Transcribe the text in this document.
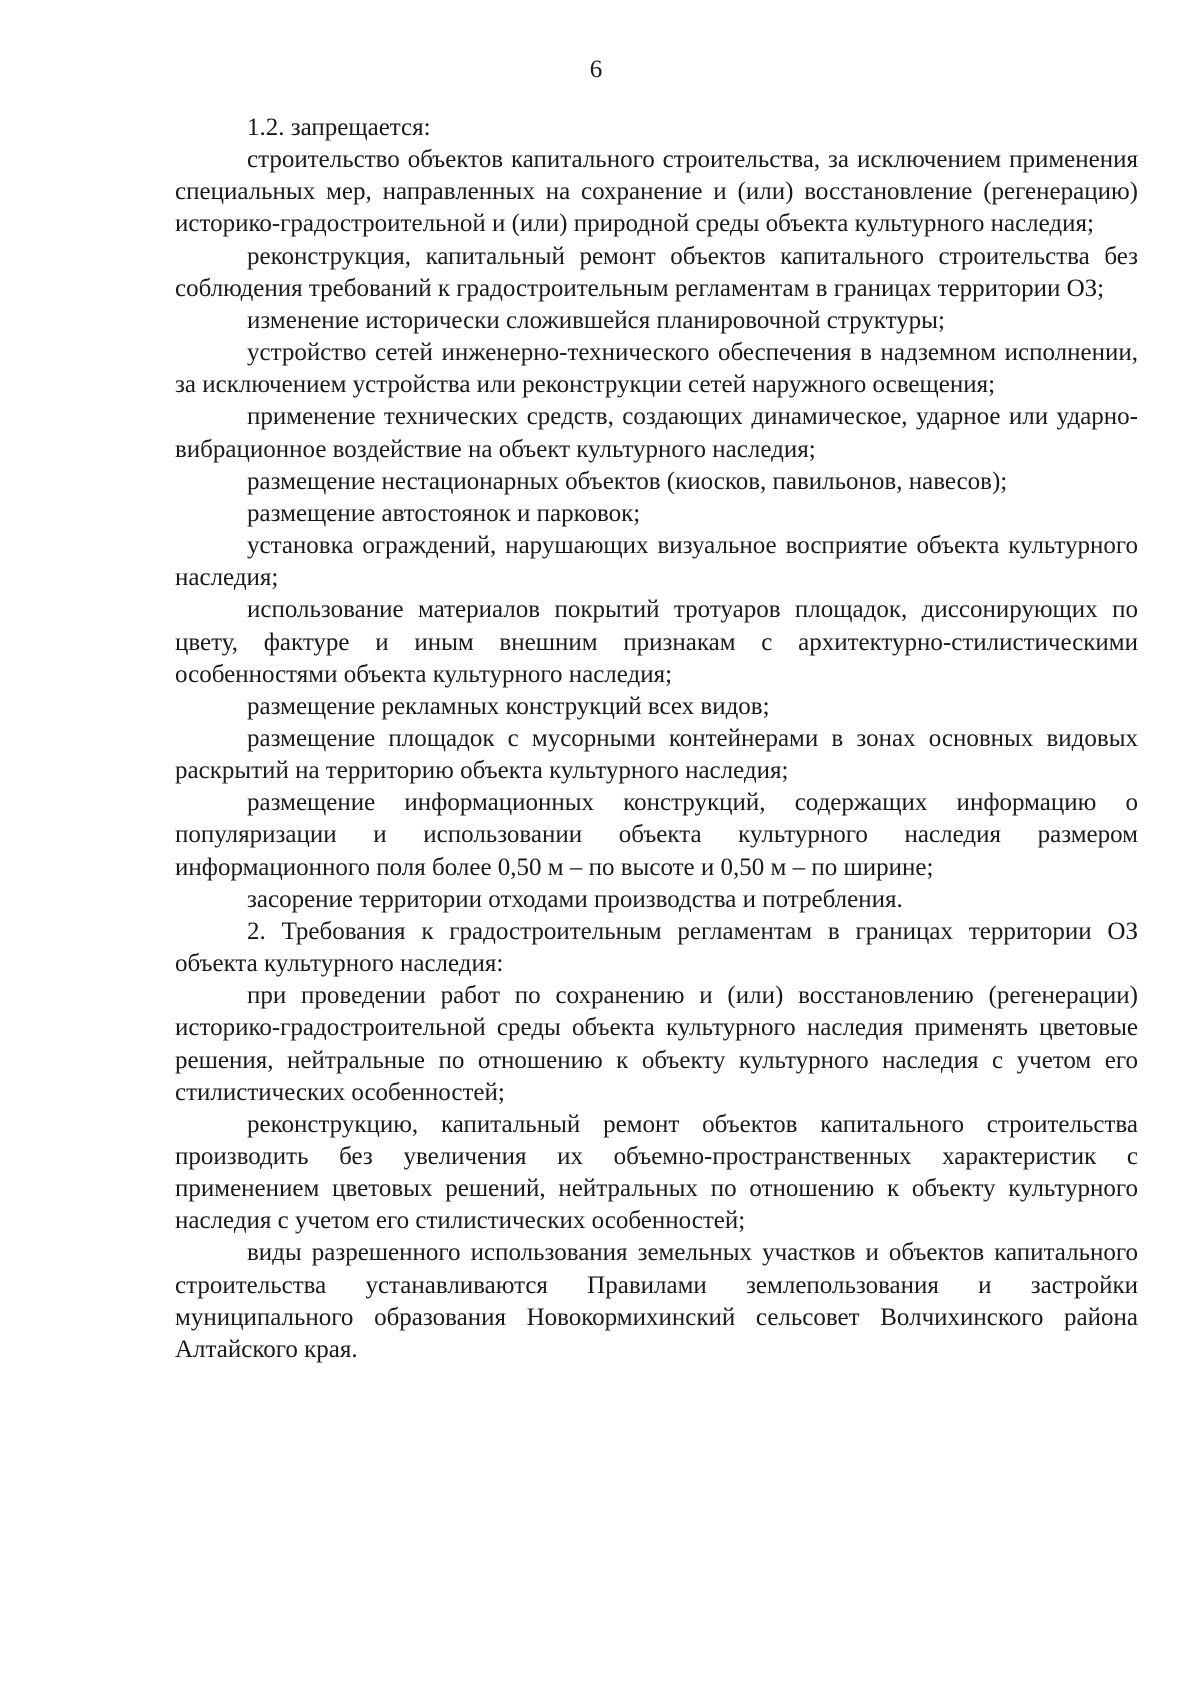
6

1.2. запрещается:

строительство объектов капитального строительства, за исключением применения специальных мер, направленных на сохранение и (или) восстановление (регенерацию) историко-градостроительной и (или) природной среды объекта культурного наследия;

реконструкция, капитальный ремонт объектов капитального строительства без соблюдения требований к градостроительным регламентам в границах территории ОЗ;

изменение исторически сложившейся планировочной структуры;

устройство сетей инженерно-технического обеспечения в надземном исполнении, за исключением устройства или реконструкции сетей наружного освещения;

применение технических средств, создающих динамическое, ударное или ударно-вибрационное воздействие на объект культурного наследия;

размещение нестационарных объектов (киосков, павильонов, навесов);

размещение автостоянок и парковок;

установка ограждений, нарушающих визуальное восприятие объекта культурного наследия;

использование материалов покрытий тротуаров площадок, диссонирующих по цвету, фактуре и иным внешним признакам с архитектурно-стилистическими особенностями объекта культурного наследия;

размещение рекламных конструкций всех видов;

размещение площадок с мусорными контейнерами в зонах основных видовых раскрытий на территорию объекта культурного наследия;

размещение информационных конструкций, содержащих информацию о популяризации и использовании объекта культурного наследия размером информационного поля более 0,50 м – по высоте и 0,50 м – по ширине;

засорение территории отходами производства и потребления.

2. Требования к градостроительным регламентам в границах территории ОЗ объекта культурного наследия:

при проведении работ по сохранению и (или) восстановлению (регенерации) историко-градостроительной среды объекта культурного наследия применять цветовые решения, нейтральные по отношению к объекту культурного наследия с учетом его стилистических особенностей;

реконструкцию, капитальный ремонт объектов капитального строительства производить без увеличения их объемно-пространственных характеристик с применением цветовых решений, нейтральных по отношению к объекту культурного наследия с учетом его стилистических особенностей;

виды разрешенного использования земельных участков и объектов капитального строительства устанавливаются Правилами землепользования и застройки муниципального образования Новокормихинский сельсовет Волчихинского района Алтайского края.
